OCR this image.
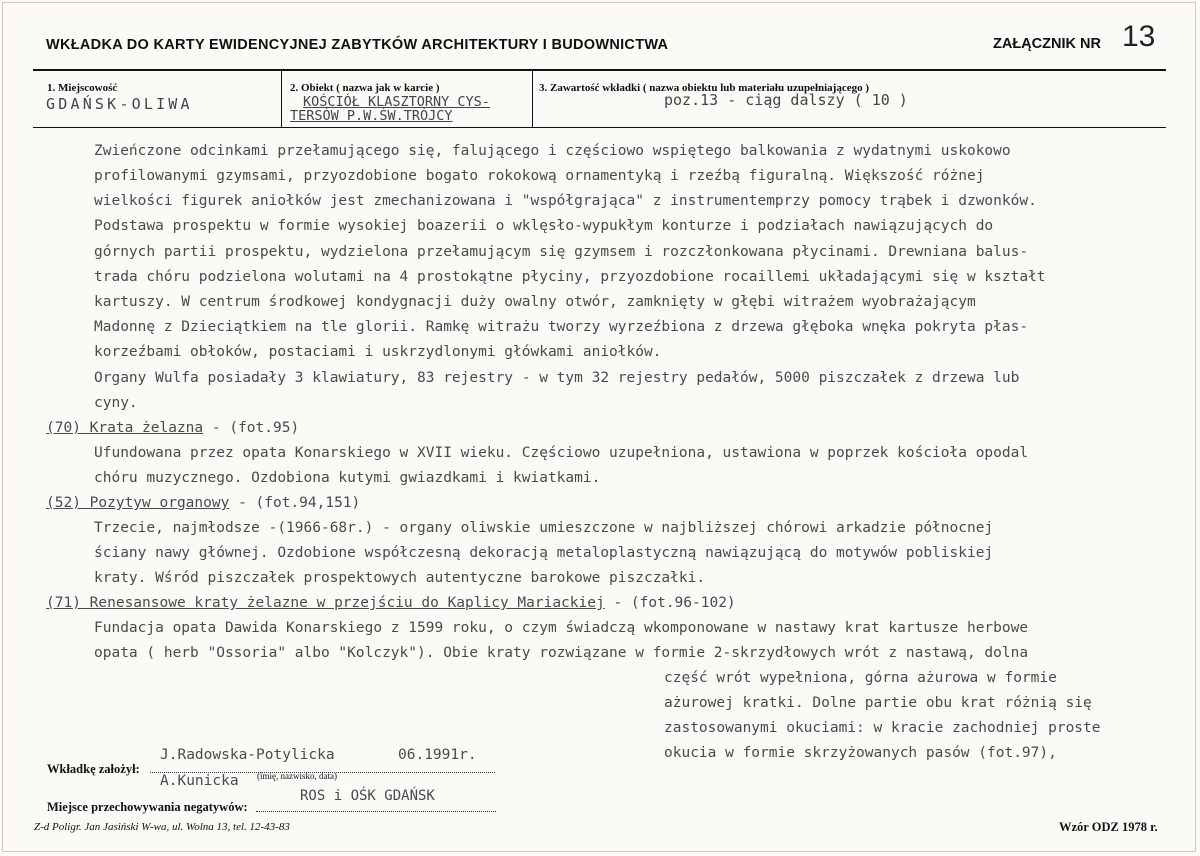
WKŁADKA DO KARTY EWIDENCYJNEJ ZABYTKÓW ARCHITEKTURY I BUDOWNICTWA	ZAŁĄCZNIK NR 13
1. Miejscowość	2. Obiekt ( nazwa jak w karcie )	3. Zawartość wkładki ( nazwa obiektu lub materiału uzupełniającego )
GDAŃSK-OLIWA	KOŚCIÓŁ KLASZTORNY CYS-
TERSÓW P.W.ŚW.TRÓJCY
poz.13 - ciąg dalszy ( 10 )
Zwieńczone odcinkami przełamującego się, falującego i częściowo wspiętego balkowania z wydatnymi uskokowo
profilowanymi gzymsami, przyozdobione bogato rokokową ornamentyką i rzeźbą figuralną. Większość różnej
wielkości figurek aniołków jest zmechanizowana i "współgrająca" z instrumentemprzy pomocy trąbek i dzwonków.
Podstawa prospektu w formie wysokiej boazerii o wklęsło-wypukłym konturze i podziałach nawiązujących do
górnych partii prospektu, wydzielona przełamującym się gzymsem i rozczłonkowana płycinami. Drewniana balus-
trada chóru podzielona wolutami na 4 prostokątne płyciny, przyozdobione rocaillemi układającymi się w kształt
kartuszy. W centrum środkowej kondygnacji duży owalny otwór, zamknięty w głębi witrażem wyobrażającym
Madonnę z Dzieciątkiem na tle glorii. Ramkę witrażu tworzy wyrzeźbiona z drzewa głęboka wnęka pokryta płas-
korzeźbami obłoków, postaciami i uskrzydlonymi główkami aniołków.
Organy Wulfa posiadały 3 klawiatury, 83 rejestry - w tym 32 rejestry pedałów, 5000 piszczałek z drzewa lub
cyny.
(70) Krata żelazna - (fot.95)
Ufundowana przez opata Konarskiego w XVII wieku. Częściowo uzupełniona, ustawiona w poprzek kościoła opodal
chóru muzycznego. Ozdobiona kutymi gwiazdkami i kwiatkami.
(52) Pozytyw organowy - (fot.94,151)
Trzecie, najmłodsze -(1966-68r.) - organy oliwskie umieszczone w najbliższej chórowi arkadzie północnej
ściany nawy głównej. Ozdobione współczesną dekoracją metaloplastyczną nawiązującą do motywów pobliskiej
kraty. Wśród piszczałek prospektowych autentyczne barokowe piszczałki.
(71) Renesansowe kraty żelazne w przejściu do Kaplicy Mariackiej - (fot.96-102)
Fundacja opata Dawida Konarskiego z 1599 roku, o czym świadczą wkomponowane w nastawy krat kartusze herbowe
opata ( herb "Ossoria" albo "Kolczyk"). Obie kraty rozwiązane w formie 2-skrzydłowych wrót z nastawą, dolna
część wrót wypełniona, górna ażurowa w formie
ażurowej kratki. Dolne partie obu krat różnią się
zastosowanymi okuciami: w kracie zachodniej proste
okucia w formie skrzyżowanych pasów (fot.97),
Wkładkę założył:
J.Radowska-Potylicka	06.1991r.
A.Kunicka (imię, nazwisko, data)
Miejsce przechowywania negatywów:
ROS i OŚK GDAŃSK
Z-d Poligr. Jan Jasiński W-wa, ul. Wolna 13, tel. 12-43-83	Wzór ODZ 1978 r.
